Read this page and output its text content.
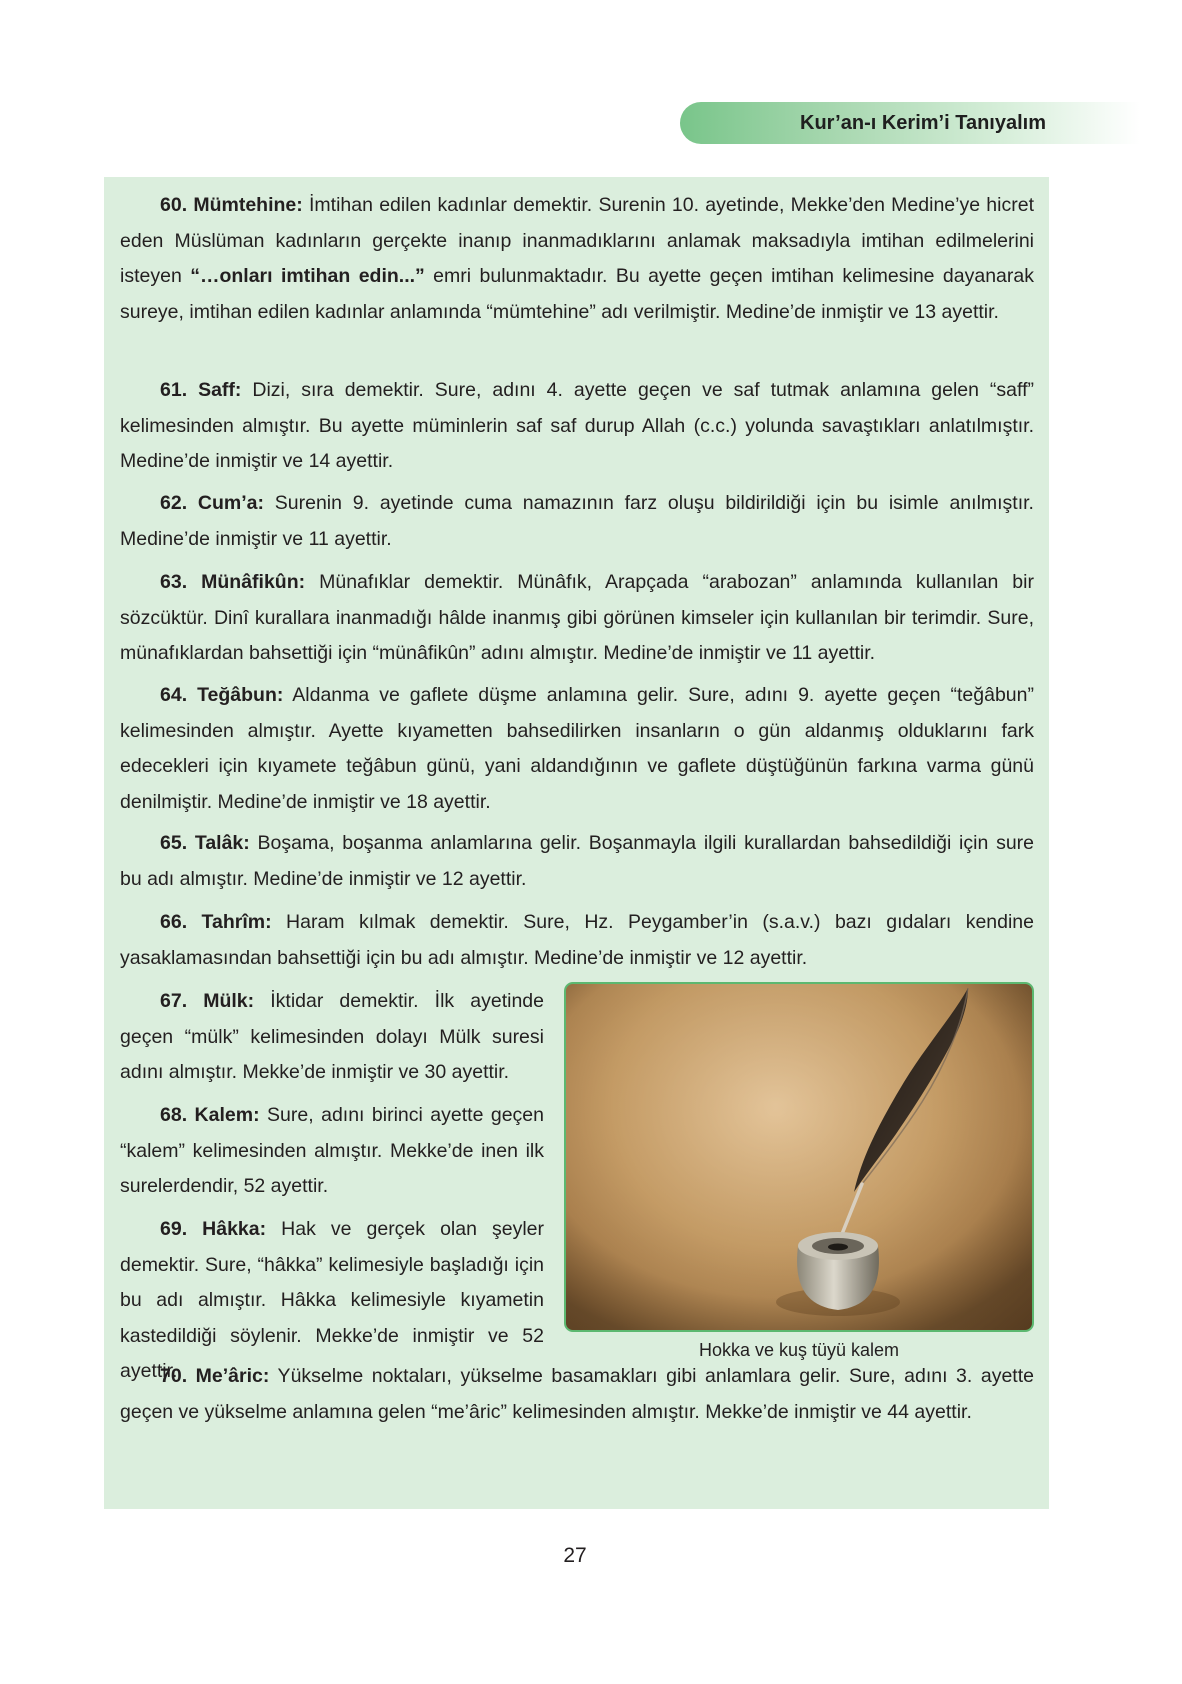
Kur’an-ı Kerim’i Tanıyalım

60. Mümtehine: İmtihan edilen kadınlar demektir. Surenin 10. ayetinde, Mekke’den Medine’ye hicret eden Müslüman kadınların gerçekte inanıp inanmadıklarını anlamak maksadıyla imtihan edilmelerini isteyen “…onları imtihan edin...” emri bulunmaktadır. Bu ayette geçen imtihan kelimesine dayanarak sureye, imtihan edilen kadınlar anlamında “mümtehine” adı verilmiştir. Medine’de inmiştir ve 13 ayettir.

61. Saff: Dizi, sıra demektir. Sure, adını 4. ayette geçen ve saf tutmak anlamına gelen “saff” kelimesinden almıştır. Bu ayette müminlerin saf saf durup Allah (c.c.) yolunda savaştıkları anlatılmıştır. Medine’de inmiştir ve 14 ayettir.

62. Cum’a: Surenin 9. ayetinde cuma namazının farz oluşu bildirildiği için bu isimle anılmıştır. Medine’de inmiştir ve 11 ayettir.

63. Münâfikûn: Münafıklar demektir. Münâfık, Arapçada “arabozan” anlamında kullanılan bir sözcüktür. Dinî kurallara inanmadığı hâlde inanmış gibi görünen kimseler için kullanılan bir terimdir. Sure, münafıklardan bahsettiği için “münâfikûn” adını almıştır. Medine’de inmiştir ve 11 ayettir.

64. Teğâbun: Aldanma ve gaflete düşme anlamına gelir. Sure, adını 9. ayette geçen “teğâbun” kelimesinden almıştır. Ayette kıyametten bahsedilirken insanların o gün aldanmış olduklarını fark edecekleri için kıyamete teğâbun günü, yani aldandığının ve gaflete düştüğünün farkına varma günü denilmiştir. Medine’de inmiştir ve 18 ayettir.

65. Talâk: Boşama, boşanma anlamlarına gelir. Boşanmayla ilgili kurallardan bahsedildiği için sure bu adı almıştır. Medine’de inmiştir ve 12 ayettir.

66. Tahrîm: Haram kılmak demektir. Sure, Hz. Peygamber’in (s.a.v.) bazı gıdaları kendine yasaklamasından bahsettiği için bu adı almıştır. Medine’de inmiştir ve 12 ayettir.

67. Mülk: İktidar demektir. İlk ayetinde geçen “mülk” kelimesinden dolayı Mülk suresi adını almıştır. Mekke’de inmiştir ve 30 ayettir.

68. Kalem: Sure, adını birinci ayette geçen “kalem” kelimesinden almıştır. Mekke’de inen ilk surelerdendir, 52 ayettir.

69. Hâkka: Hak ve gerçek olan şeyler demektir. Sure, “hâkka” kelimesiyle başladığı için bu adı almıştır. Hâkka kelimesiyle kıyametin kastedildiği söylenir. Mekke’de inmiştir ve 52 ayettir.

Hokka ve kuş tüyü kalem

70. Me’âric: Yükselme noktaları, yükselme basamakları gibi anlamlara gelir. Sure, adını 3. ayette geçen ve yükselme anlamına gelen “me’âric” kelimesinden almıştır. Mekke’de inmiştir ve 44 ayettir.

27
